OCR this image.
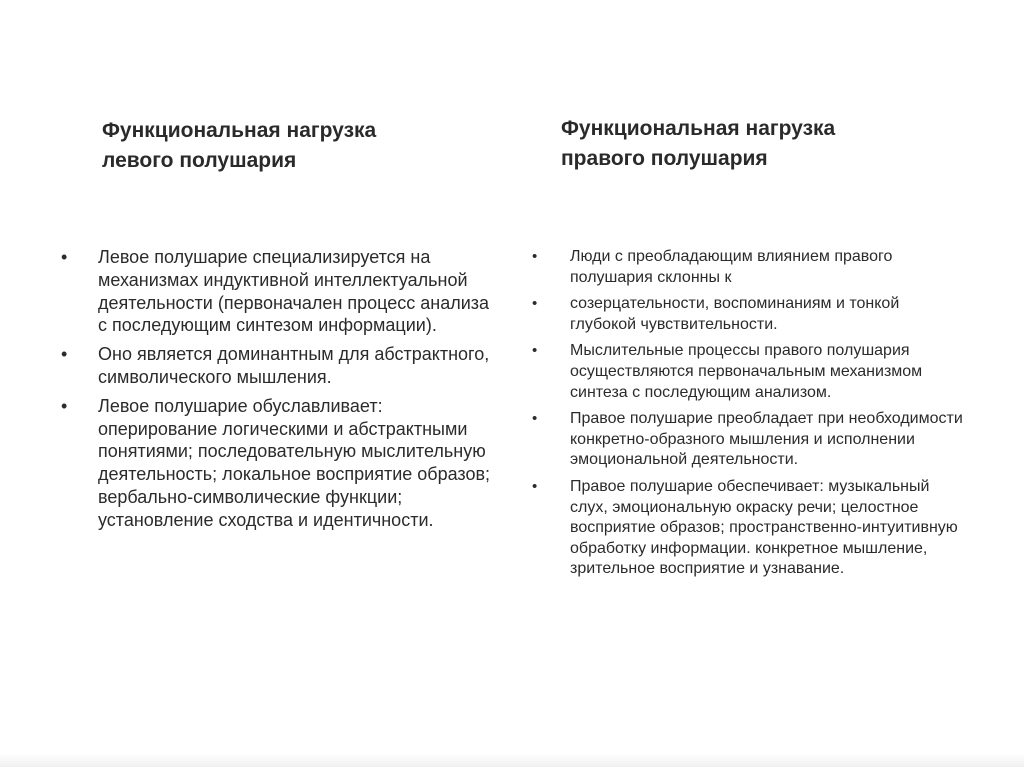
Функциональная нагрузка
левого полушария
• Левое полушарие специализируется на механизмах индуктивной интеллектуальной деятельности (первоначален процесс анализа с последующим синтезом информации).
• Оно является доминантным для абстрактного, символического мышления.
• Левое полушарие обуславливает: оперирование логическими и абстрактными понятиями; последовательную мыслительную деятельность; локальное восприятие образов; вербально-символические функции; установление сходства и идентичности.
Функциональная нагрузка
правого полушария
• Люди с преобладающим влиянием правого полушария склонны к
• созерцательности, воспоминаниям и тонкой глубокой чувствительности.
• Мыслительные процессы правого полушария осуществляются первоначальным механизмом синтеза с последующим анализом.
• Правое полушарие преобладает при необходимости конкретно-образного мышления и исполнении эмоциональной деятельности.
• Правое полушарие обеспечивает: музыкальный слух, эмоциональную окраску речи; целостное восприятие образов; пространственно-интуитивную обработку информации. конкретное мышление, зрительное восприятие и узнавание.
